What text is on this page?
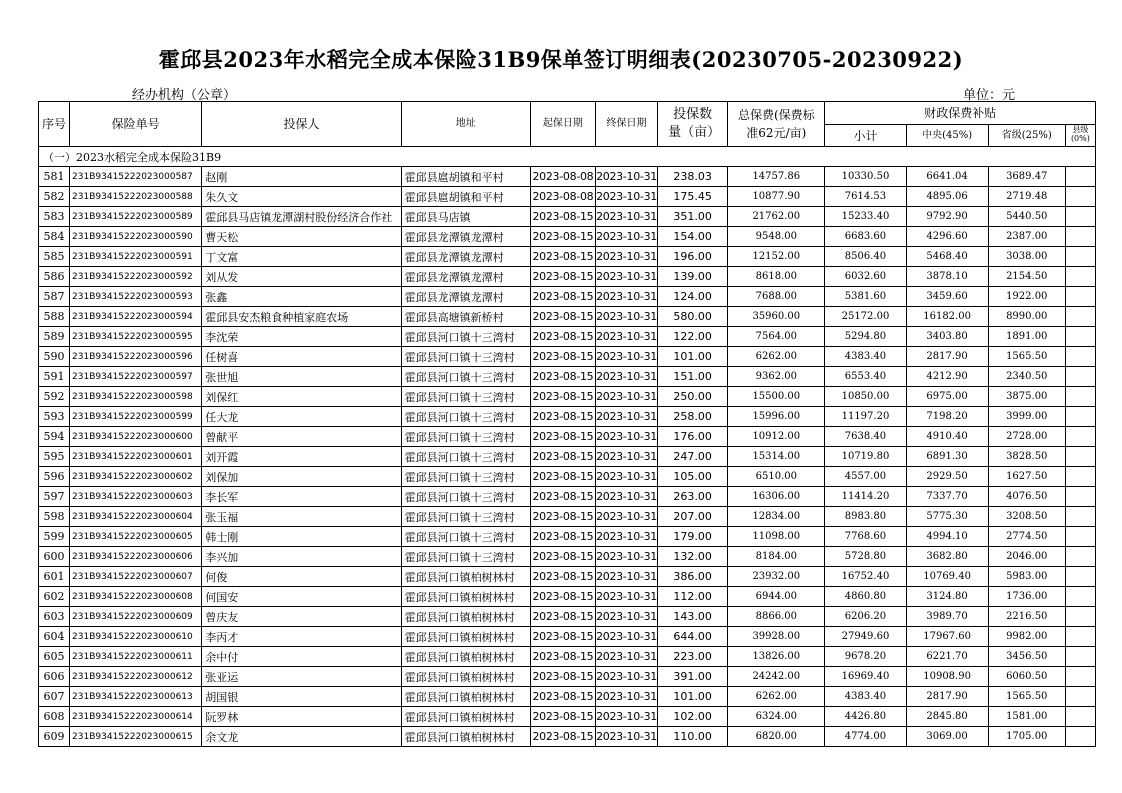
霍邱县2023年水稻完全成本保险31B9保单签订明细表(20230705-20230922)
经办机构（公章）	单位：元
序号	保险单号	投保人	地址	起保日期	终保日期	投保数量（亩）	总保费(保费标准62元/亩)	财政保费补贴			
								小计	中央(45%)	省级(25%)	县级(0%)
（一）2023水稻完全成本保险31B9											
581	231B93415222023000587	赵刚	霍邱县扈胡镇和平村	2023-08-08	2023-10-31	238.03	14757.86	10330.50	6641.04	3689.47	
582	231B93415222023000588	朱久文	霍邱县扈胡镇和平村	2023-08-08	2023-10-31	175.45	10877.90	7614.53	4895.06	2719.48	
583	231B93415222023000589	霍邱县马店镇龙潭湖村股份经济合作社	霍邱县马店镇	2023-08-15	2023-10-31	351.00	21762.00	15233.40	9792.90	5440.50	
584	231B93415222023000590	曹天松	霍邱县龙潭镇龙潭村	2023-08-15	2023-10-31	154.00	9548.00	6683.60	4296.60	2387.00	
585	231B93415222023000591	丁文富	霍邱县龙潭镇龙潭村	2023-08-15	2023-10-31	196.00	12152.00	8506.40	5468.40	3038.00	
586	231B93415222023000592	刘从发	霍邱县龙潭镇龙潭村	2023-08-15	2023-10-31	139.00	8618.00	6032.60	3878.10	2154.50	
587	231B93415222023000593	张鑫	霍邱县龙潭镇龙潭村	2023-08-15	2023-10-31	124.00	7688.00	5381.60	3459.60	1922.00	
588	231B93415222023000594	霍邱县安杰粮食种植家庭农场	霍邱县高塘镇新桥村	2023-08-15	2023-10-31	580.00	35960.00	25172.00	16182.00	8990.00	
589	231B93415222023000595	李沈荣	霍邱县河口镇十三湾村	2023-08-15	2023-10-31	122.00	7564.00	5294.80	3403.80	1891.00	
590	231B93415222023000596	任树喜	霍邱县河口镇十三湾村	2023-08-15	2023-10-31	101.00	6262.00	4383.40	2817.90	1565.50	
591	231B93415222023000597	张世旭	霍邱县河口镇十三湾村	2023-08-15	2023-10-31	151.00	9362.00	6553.40	4212.90	2340.50	
592	231B93415222023000598	刘保红	霍邱县河口镇十三湾村	2023-08-15	2023-10-31	250.00	15500.00	10850.00	6975.00	3875.00	
593	231B93415222023000599	任大龙	霍邱县河口镇十三湾村	2023-08-15	2023-10-31	258.00	15996.00	11197.20	7198.20	3999.00	
594	231B93415222023000600	曾献平	霍邱县河口镇十三湾村	2023-08-15	2023-10-31	176.00	10912.00	7638.40	4910.40	2728.00	
595	231B93415222023000601	刘开霞	霍邱县河口镇十三湾村	2023-08-15	2023-10-31	247.00	15314.00	10719.80	6891.30	3828.50	
596	231B93415222023000602	刘保加	霍邱县河口镇十三湾村	2023-08-15	2023-10-31	105.00	6510.00	4557.00	2929.50	1627.50	
597	231B93415222023000603	李长军	霍邱县河口镇十三湾村	2023-08-15	2023-10-31	263.00	16306.00	11414.20	7337.70	4076.50	
598	231B93415222023000604	张玉福	霍邱县河口镇十三湾村	2023-08-15	2023-10-31	207.00	12834.00	8983.80	5775.30	3208.50	
599	231B93415222023000605	韩士刚	霍邱县河口镇十三湾村	2023-08-15	2023-10-31	179.00	11098.00	7768.60	4994.10	2774.50	
600	231B93415222023000606	李兴加	霍邱县河口镇十三湾村	2023-08-15	2023-10-31	132.00	8184.00	5728.80	3682.80	2046.00	
601	231B93415222023000607	何俊	霍邱县河口镇柏树林村	2023-08-15	2023-10-31	386.00	23932.00	16752.40	10769.40	5983.00	
602	231B93415222023000608	何国安	霍邱县河口镇柏树林村	2023-08-15	2023-10-31	112.00	6944.00	4860.80	3124.80	1736.00	
603	231B93415222023000609	曾庆友	霍邱县河口镇柏树林村	2023-08-15	2023-10-31	143.00	8866.00	6206.20	3989.70	2216.50	
604	231B93415222023000610	李丙才	霍邱县河口镇柏树林村	2023-08-15	2023-10-31	644.00	39928.00	27949.60	17967.60	9982.00	
605	231B93415222023000611	余中付	霍邱县河口镇柏树林村	2023-08-15	2023-10-31	223.00	13826.00	9678.20	6221.70	3456.50	
606	231B93415222023000612	张亚运	霍邱县河口镇柏树林村	2023-08-15	2023-10-31	391.00	24242.00	16969.40	10908.90	6060.50	
607	231B93415222023000613	胡国银	霍邱县河口镇柏树林村	2023-08-15	2023-10-31	101.00	6262.00	4383.40	2817.90	1565.50	
608	231B93415222023000614	阮罗林	霍邱县河口镇柏树林村	2023-08-15	2023-10-31	102.00	6324.00	4426.80	2845.80	1581.00	
609	231B93415222023000615	余文龙	霍邱县河口镇柏树林村	2023-08-15	2023-10-31	110.00	6820.00	4774.00	3069.00	1705.00	
